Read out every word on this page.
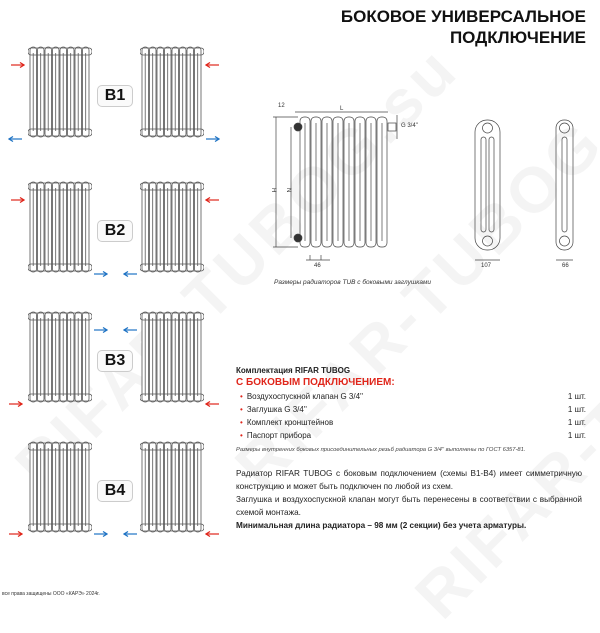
БОКОВОЕ УНИВЕРСАЛЬНОЕ
ПОДКЛЮЧЕНИЕ
B1
B2
B3
B4
12	L
G 3/4''
H N
46	107	66
Размеры радиаторов TUB с боковыми заглушками
Комплектация RIFAR TUBOG
С БОКОВЫМ ПОДКЛЮЧЕНИЕМ:
• Воздухоспускной клапан G 3/4''	1 шт.
• Заглушка G 3/4''	1 шт.
• Комплект кронштейнов	1 шт.
• Паспорт прибора	1 шт.
Размеры внутренних боковых присоединительных резьб радиатора G 3/4'' выполнены по ГОСТ 6357-81.
Радиатор RIFAR TUBOG с боковым подключением (схемы В1-В4) имеет симметричную конструкцию и может быть подключен по любой из схем.
Заглушка и воздухоспускной клапан могут быть перенесены в соответствии с выбранной схемой монтажа.
Минимальная длина радиатора – 98 мм (2 секции) без учета арматуры.
все права защищены ООО «КАРЭ» 2024г.
